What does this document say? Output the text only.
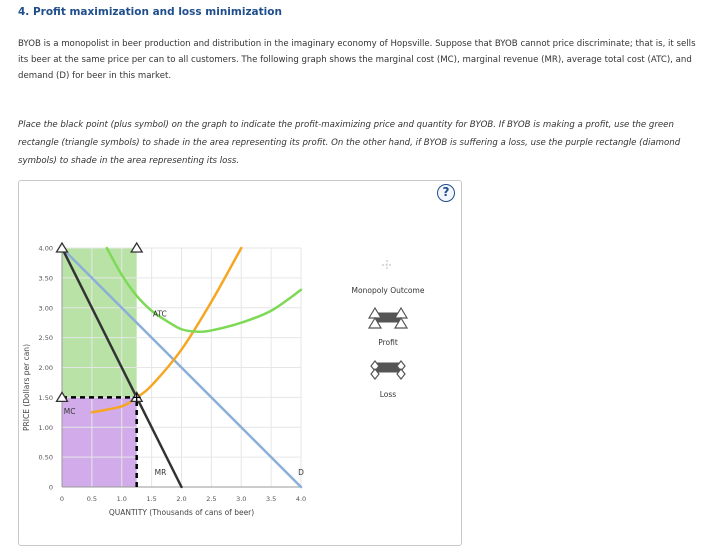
4. Profit maximization and loss minimization
BYOB is a monopolist in beer production and distribution in the imaginary economy of Hopsville. Suppose that BYOB cannot price discriminate; that is, it sells its beer at the same price per can to all customers. The following graph shows the marginal cost (MC), marginal revenue (MR), average total cost (ATC), and demand (D) for beer in this market.
Place the black point (plus symbol) on the graph to indicate the profit-maximizing price and quantity for BYOB. If BYOB is making a profit, use the green rectangle (triangle symbols) to shade in the area representing its profit. On the other hand, if BYOB is suffering a loss, use the purple rectangle (diamond symbols) to shade in the area representing its loss.
?
0	0.5	1.0	1.5	2.0	2.5	3.0	3.5	4.0
0
0.50
1.00
1.50
2.00
2.50
3.00
3.50
4.00
QUANTITY (Thousands of cans of beer)
PRICE (Dollars per can)
D
MR
MC
ATC
Monopoly Outcome
Profit
Loss
